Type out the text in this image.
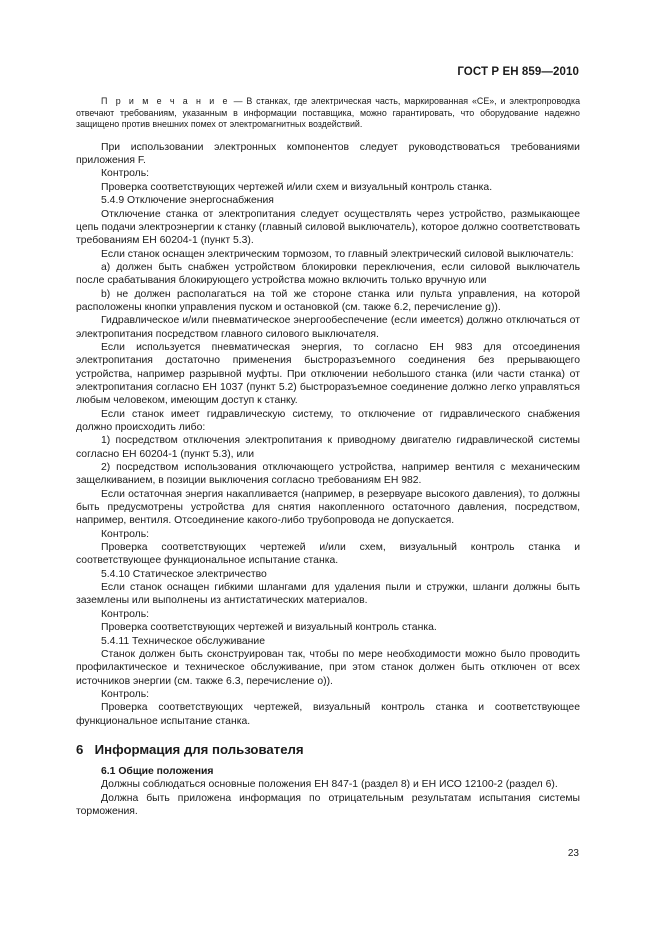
ГОСТ Р ЕН 859—2010
П р и м е ч а н и е — В станках, где электрическая часть, маркированная «CE», и электропроводка отвечают требованиям, указанным в информации поставщика, можно гарантировать, что оборудование надежно защищено против внешних помех от электромагнитных воздействий.

При использовании электронных компонентов следует руководствоваться требованиями приложения F.

Контроль:

Проверка соответствующих чертежей и/или схем и визуальный контроль станка.

5.4.9 Отключение энергоснабжения

Отключение станка от электропитания следует осуществлять через устройство, размыкающее цепь подачи электроэнергии к станку (главный силовой выключатель), которое должно соответствовать требованиям ЕН 60204-1 (пункт 5.3).

Если станок оснащен электрическим тормозом, то главный электрический силовой выключатель:

а) должен быть снабжен устройством блокировки переключения, если силовой выключатель после срабатывания блокирующего устройства можно включить только вручную или

b) не должен располагаться на той же стороне станка или пульта управления, на которой расположены кнопки управления пуском и остановкой (см. также 6.2, перечисление g)).

Гидравлическое и/или пневматическое энергообеспечение (если имеется) должно отключаться от электропитания посредством главного силового выключателя.

Если используется пневматическая энергия, то согласно ЕН 983 для отсоединения электропитания достаточно применения быстроразъемного соединения без прерывающего устройства, например разрывной муфты. При отключении небольшого станка (или части станка) от электропитания согласно ЕН 1037 (пункт 5.2) быстроразъемное соединение должно легко управляться любым человеком, имеющим доступ к станку.

Если станок имеет гидравлическую систему, то отключение от гидравлического снабжения должно происходить либо:

1) посредством отключения электропитания к приводному двигателю гидравлической системы согласно ЕН 60204-1 (пункт 5.3), или

2) посредством использования отключающего устройства, например вентиля с механическим защелкиванием, в позиции выключения согласно требованиям ЕН 982.

Если остаточная энергия накапливается (например, в резервуаре высокого давления), то должны быть предусмотрены устройства для снятия накопленного остаточного давления, посредством, например, вентиля. Отсоединение какого-либо трубопровода не допускается.

Контроль:

Проверка соответствующих чертежей и/или схем, визуальный контроль станка и соответствующее функциональное испытание станка.

5.4.10 Статическое электричество

Если станок оснащен гибкими шлангами для удаления пыли и стружки, шланги должны быть заземлены или выполнены из антистатических материалов.

Контроль:

Проверка соответствующих чертежей и визуальный контроль станка.

5.4.11 Техническое обслуживание

Станок должен быть сконструирован так, чтобы по мере необходимости можно было проводить профилактическое и техническое обслуживание, при этом станок должен быть отключен от всех источников энергии (см. также 6.3, перечисление o)).

Контроль:

Проверка соответствующих чертежей, визуальный контроль станка и соответствующее функциональное испытание станка.

6 Информация для пользователя
6.1 Общие положения

Должны соблюдаться основные положения ЕН 847-1 (раздел 8) и ЕН ИСО 12100-2 (раздел 6).

Должна быть приложена информация по отрицательным результатам испытания системы торможения.

23
